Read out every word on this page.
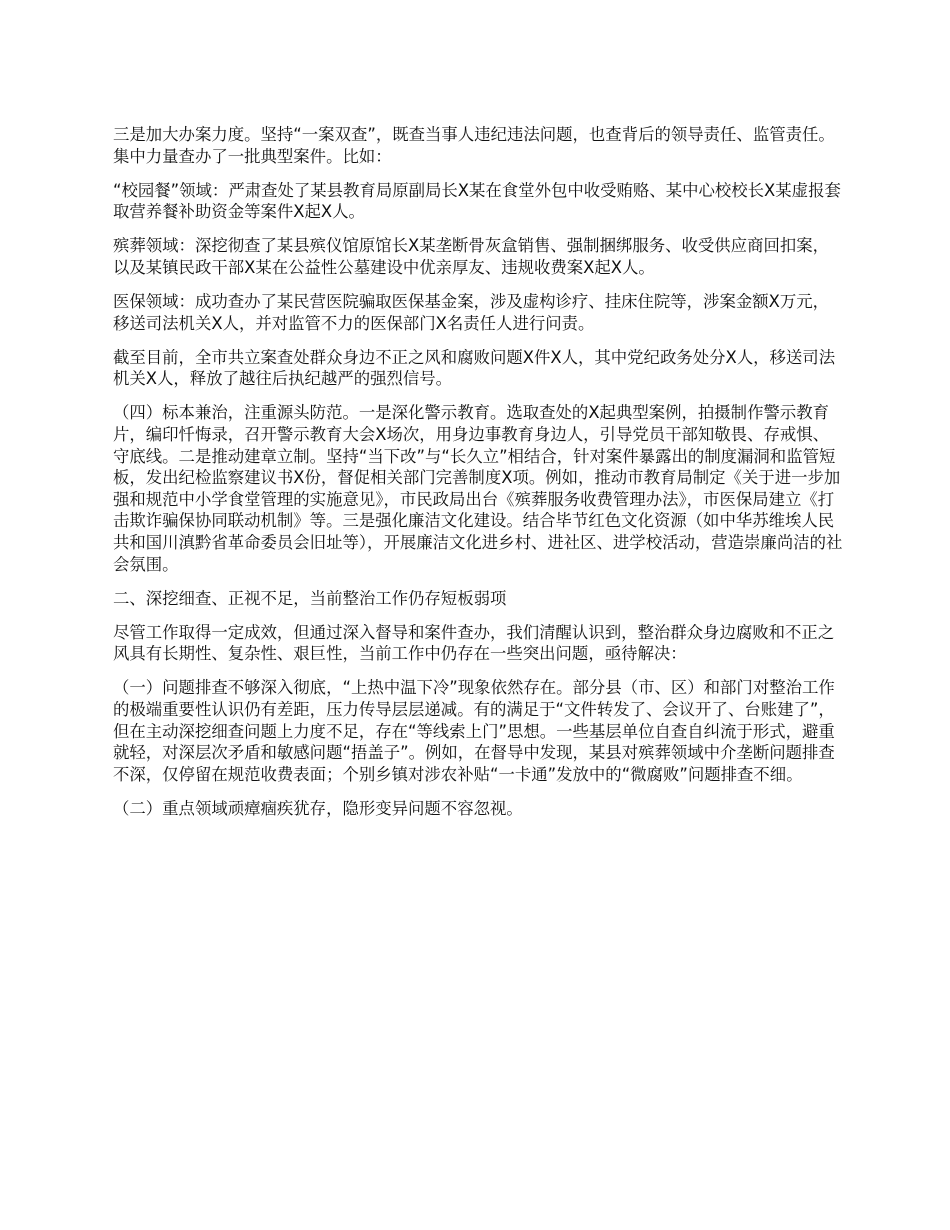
三是加大办案力度。坚持“一案双查”，既查当事人违纪违法问题，也查背后的领导责任、监管责任。集中力量查办了一批典型案件。比如：

“校园餐”领域：严肃查处了某县教育局原副局长X某在食堂外包中收受贿赂、某中心校校长X某虚报套取营养餐补助资金等案件X起X人。

殡葬领域：深挖彻查了某县殡仪馆原馆长X某垄断骨灰盒销售、强制捆绑服务、收受供应商回扣案，以及某镇民政干部X某在公益性公墓建设中优亲厚友、违规收费案X起X人。

医保领域：成功查办了某民营医院骗取医保基金案，涉及虚构诊疗、挂床住院等，涉案金额X万元，移送司法机关X人，并对监管不力的医保部门X名责任人进行问责。

截至目前，全市共立案查处群众身边不正之风和腐败问题X件X人，其中党纪政务处分X人，移送司法机关X人，释放了越往后执纪越严的强烈信号。

（四）标本兼治，注重源头防范。一是深化警示教育。选取查处的X起典型案例，拍摄制作警示教育片，编印忏悔录，召开警示教育大会X场次，用身边事教育身边人，引导党员干部知敬畏、存戒惧、守底线。二是推动建章立制。坚持“当下改”与“长久立”相结合，针对案件暴露出的制度漏洞和监管短板，发出纪检监察建议书X份，督促相关部门完善制度X项。例如，推动市教育局制定《关于进一步加强和规范中小学食堂管理的实施意见》，市民政局出台《殡葬服务收费管理办法》，市医保局建立《打击欺诈骗保协同联动机制》等。三是强化廉洁文化建设。结合毕节红色文化资源（如中华苏维埃人民共和国川滇黔省革命委员会旧址等），开展廉洁文化进乡村、进社区、进学校活动，营造崇廉尚洁的社会氛围。

二、深挖细查、正视不足，当前整治工作仍存短板弱项

尽管工作取得一定成效，但通过深入督导和案件查办，我们清醒认识到，整治群众身边腐败和不正之风具有长期性、复杂性、艰巨性，当前工作中仍存在一些突出问题，亟待解决：

（一）问题排查不够深入彻底，“上热中温下冷”现象依然存在。部分县（市、区）和部门对整治工作的极端重要性认识仍有差距，压力传导层层递减。有的满足于“文件转发了、会议开了、台账建了”，但在主动深挖细查问题上力度不足，存在“等线索上门”思想。一些基层单位自查自纠流于形式，避重就轻，对深层次矛盾和敏感问题“捂盖子”。例如，在督导中发现，某县对殡葬领域中介垄断问题排查不深，仅停留在规范收费表面；个别乡镇对涉农补贴“一卡通”发放中的“微腐败”问题排查不细。

（二）重点领域顽瘴痼疾犹存，隐形变异问题不容忽视。
